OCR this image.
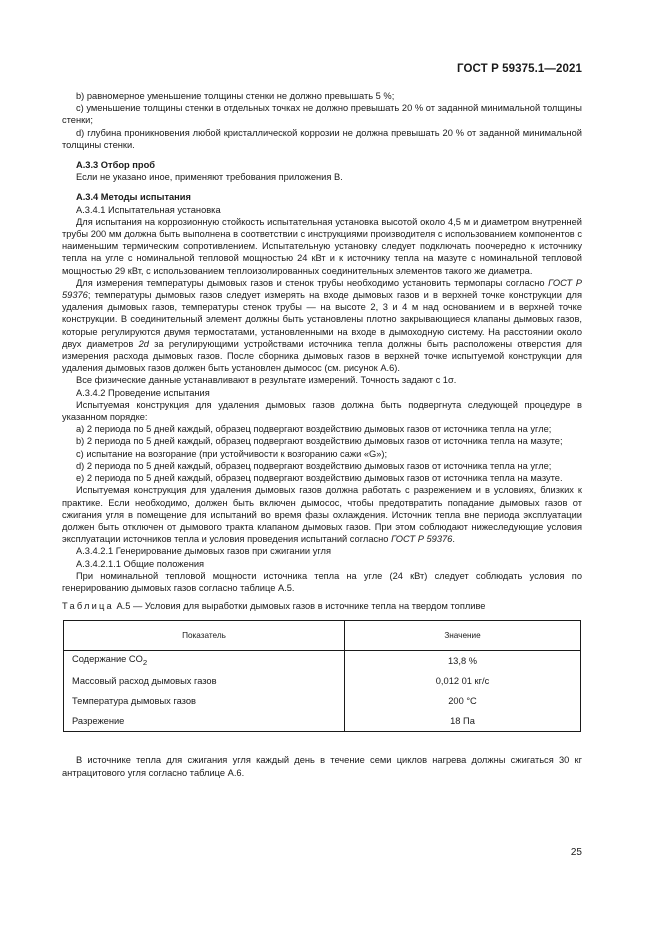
ГОСТ Р 59375.1—2021

b) равномерное уменьшение толщины стенки не должно превышать 5 %;

c) уменьшение толщины стенки в отдельных точках не должно превышать 20 % от заданной минимальной толщины стенки;

d) глубина проникновения любой кристаллической коррозии не должна превышать 20 % от заданной минимальной толщины стенки.

А.3.3 Отбор проб

Если не указано иное, применяют требования приложения В.

А.3.4 Методы испытания

А.3.4.1 Испытательная установка

Для испытания на коррозионную стойкость испытательная установка высотой около 4,5 м и диаметром внутренней трубы 200 мм должна быть выполнена в соответствии с инструкциями производителя с использованием компонентов с наименьшим термическим сопротивлением. Испытательную установку следует подключать поочередно к источнику тепла на угле с номинальной тепловой мощностью 24 кВт и к источнику тепла на мазуте с номинальной тепловой мощностью 29 кВт, с использованием теплоизолированных соединительных элементов такого же диаметра.

Для измерения температуры дымовых газов и стенок трубы необходимо установить термопары согласно ГОСТ Р 59376; температуры дымовых газов следует измерять на входе дымовых газов и в верхней точке конструкции для удаления дымовых газов, температуры стенок трубы — на высоте 2, 3 и 4 м над основанием и в верхней точке конструкции. В соединительный элемент должны быть установлены плотно закрывающиеся клапаны дымовых газов, которые регулируются двумя термостатами, установленными на входе в дымоходную систему. На расстоянии около двух диаметров 2d за регулирующими устройствами источника тепла должны быть расположены отверстия для измерения расхода дымовых газов. После сборника дымовых газов в верхней точке испытуемой конструкции для удаления дымовых газов должен быть установлен дымосос (см. рисунок А.6).

Все физические данные устанавливают в результате измерений. Точность задают с 1σ.

А.3.4.2 Проведение испытания

Испытуемая конструкция для удаления дымовых газов должна быть подвергнута следующей процедуре в указанном порядке:

a) 2 периода по 5 дней каждый, образец подвергают воздействию дымовых газов от источника тепла на угле;

b) 2 периода по 5 дней каждый, образец подвергают воздействию дымовых газов от источника тепла на мазуте;

c) испытание на возгорание (при устойчивости к возгоранию сажи «G»);

d) 2 периода по 5 дней каждый, образец подвергают воздействию дымовых газов от источника тепла на угле;

e) 2 периода по 5 дней каждый, образец подвергают воздействию дымовых газов от источника тепла на мазуте.

Испытуемая конструкция для удаления дымовых газов должна работать с разрежением и в условиях, близких к практике. Если необходимо, должен быть включен дымосос, чтобы предотвратить попадание дымовых газов от сжигания угля в помещение для испытаний во время фазы охлаждения. Источник тепла вне периода эксплуатации должен быть отключен от дымового тракта клапаном дымовых газов. При этом соблюдают нижеследующие условия эксплуатации источников тепла и условия проведения испытаний согласно ГОСТ Р 59376.

А.3.4.2.1 Генерирование дымовых газов при сжигании угля

А.3.4.2.1.1 Общие положения

При номинальной тепловой мощности источника тепла на угле (24 кВт) следует соблюдать условия по генерированию дымовых газов согласно таблице А.5.

Таблица А.5 — Условия для выработки дымовых газов в источнике тепла на твердом топливе

Показатель	Значение
Содержание $CO_2$	13,8 %
Массовый расход дымовых газов	0,012 01 кг/с
Температура дымовых газов	200 °С
Разрежение	18 Па

В источнике тепла для сжигания угля каждый день в течение семи циклов нагрева должны сжигаться 30 кг антрацитового угля согласно таблице А.6.

25
